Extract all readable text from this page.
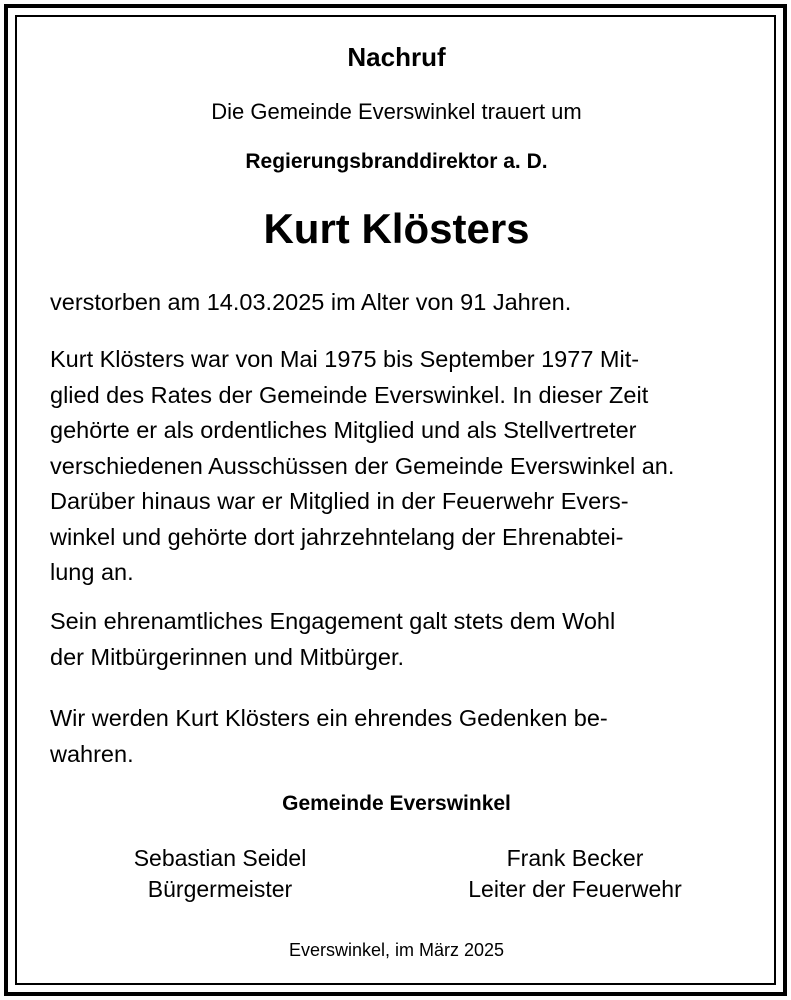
Nachruf
Die Gemeinde Everswinkel trauert um
Regierungsbranddirektor a. D.
Kurt Klösters
verstorben am 14.03.2025 im Alter von 91 Jahren.
Kurt Klösters war von Mai 1975 bis September 1977 Mit-
glied des Rates der Gemeinde Everswinkel. In dieser Zeit
gehörte er als ordentliches Mitglied und als Stellvertreter
verschiedenen Ausschüssen der Gemeinde Everswinkel an.
Darüber hinaus war er Mitglied in der Feuerwehr Evers-
winkel und gehörte dort jahrzehntelang der Ehrenabtei-
lung an.
Sein ehrenamtliches Engagement galt stets dem Wohl
der Mitbürgerinnen und Mitbürger.
Wir werden Kurt Klösters ein ehrendes Gedenken be-
wahren.
Gemeinde Everswinkel
Sebastian Seidel
Bürgermeister
Frank Becker
Leiter der Feuerwehr
Everswinkel, im März 2025
